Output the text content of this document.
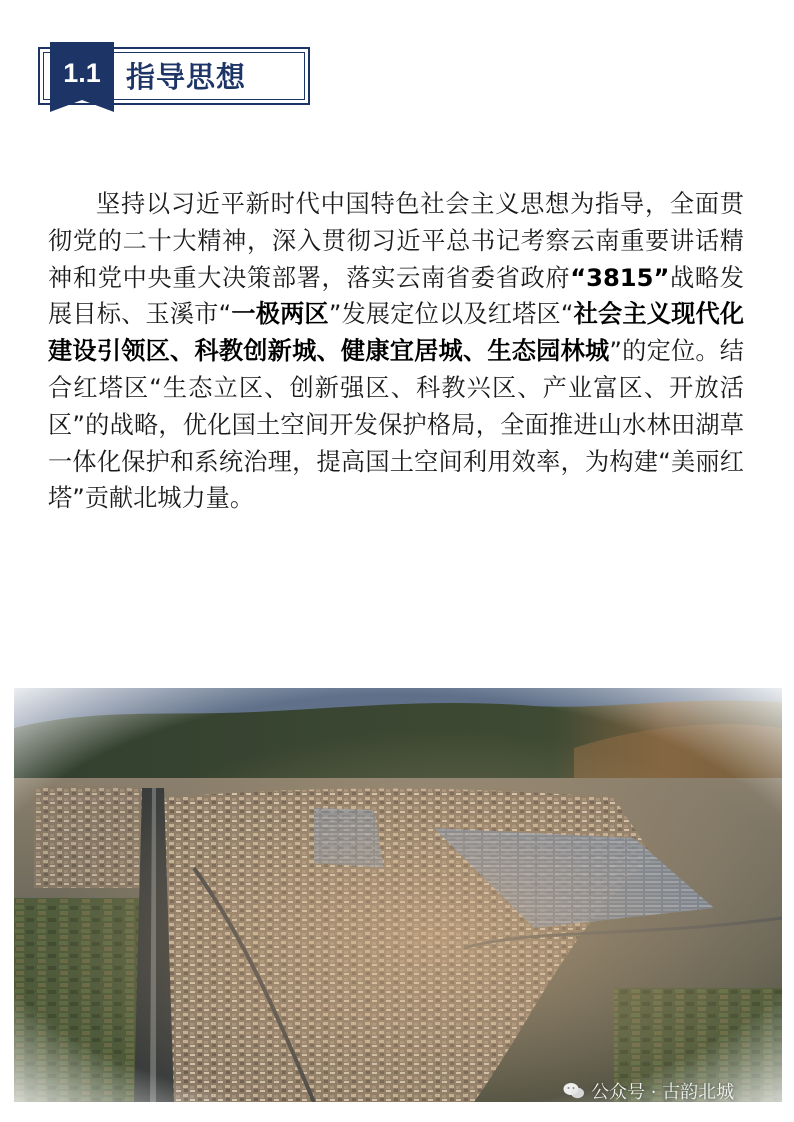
1.1 指导思想

坚持以习近平新时代中国特色社会主义思想为指导，全面贯彻党的二十大精神，深入贯彻习近平总书记考察云南重要讲话精神和党中央重大决策部署，落实云南省委省政府“3815”战略发展目标、玉溪市“一极两区”发展定位以及红塔区“社会主义现代化建设引领区、科教创新城、健康宜居城、生态园林城”的定位。结合红塔区“生态立区、创新强区、科教兴区、产业富区、开放活区”的战略，优化国土空间开发保护格局，全面推进山水林田湖草一体化保护和系统治理，提高国土空间利用效率，为构建“美丽红塔”贡献北城力量。

公众号 · 古韵北城
